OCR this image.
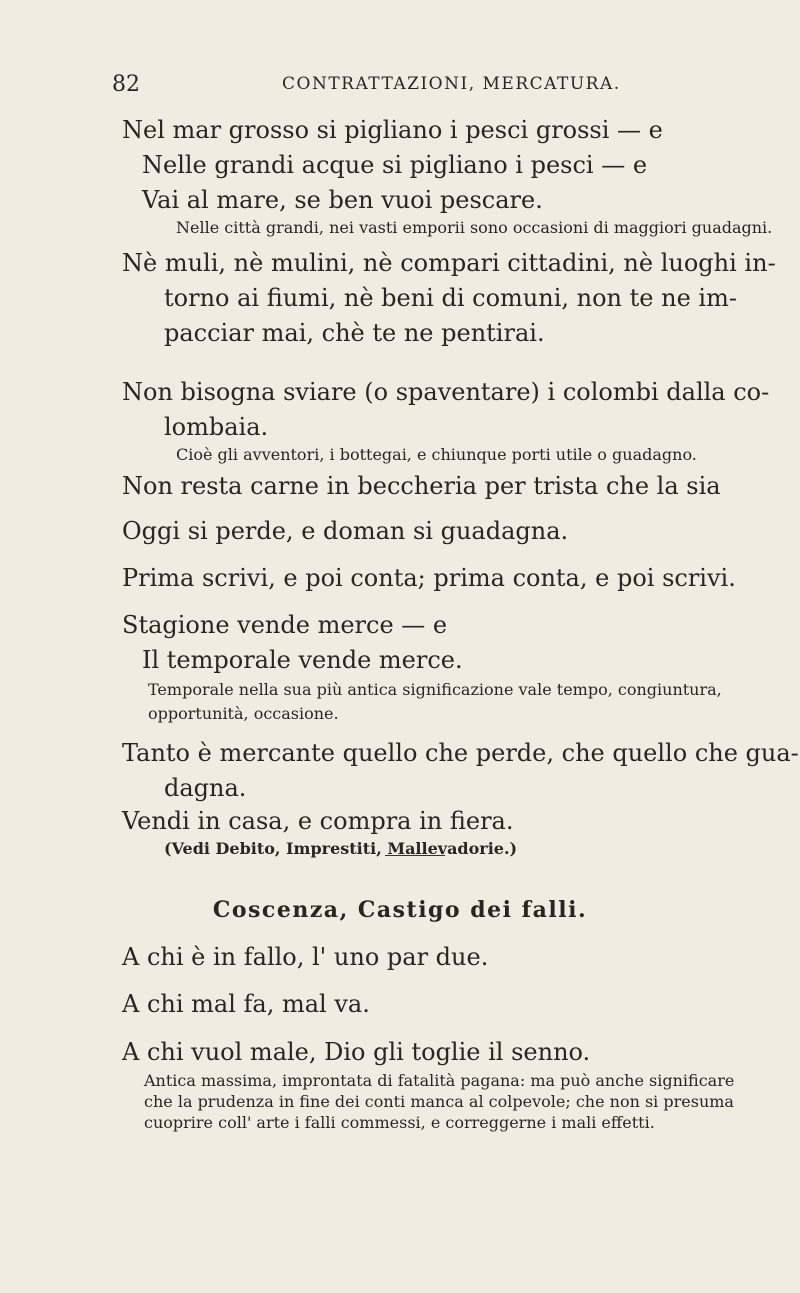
82	CONTRATTAZIONI, MERCATURA.
Nel mar grosso si pigliano i pesci grossi — e
Nelle grandi acque si pigliano i pesci — e
Vai al mare, se ben vuoi pescare.
Nelle città grandi, nei vasti emporii sono occasioni di maggiori guadagni.
Nè muli, nè mulini, nè compari cittadini, nè luoghi in-
torno ai fiumi, nè beni di comuni, non te ne im-
pacciar mai, chè te ne pentirai.
Non bisogna sviare (o spaventare) i colombi dalla co-
lombaia.
Cioè gli avventori, i bottegai, e chiunque porti utile o guadagno.
Non resta carne in beccheria per trista che la sia
Oggi si perde, e doman si guadagna.
Prima scrivi, e poi conta; prima conta, e poi scrivi.
Stagione vende merce — e
Il temporale vende merce.
Temporale nella sua più antica significazione vale tempo, congiuntura,
opportunità, occasione.
Tanto è mercante quello che perde, che quello che gua-
dagna.
Vendi in casa, e compra in fiera.
(Vedi Debito, Imprestiti, Mallevadorie.)
Coscenza, Castigo dei falli.
A chi è in fallo, l' uno par due.
A chi mal fa, mal va.
A chi vuol male, Dio gli toglie il senno.
Antica massima, improntata di fatalità pagana: ma può anche significare
che la prudenza in fine dei conti manca al colpevole; che non si presuma
cuoprire coll' arte i falli commessi, e correggerne i mali effetti.
